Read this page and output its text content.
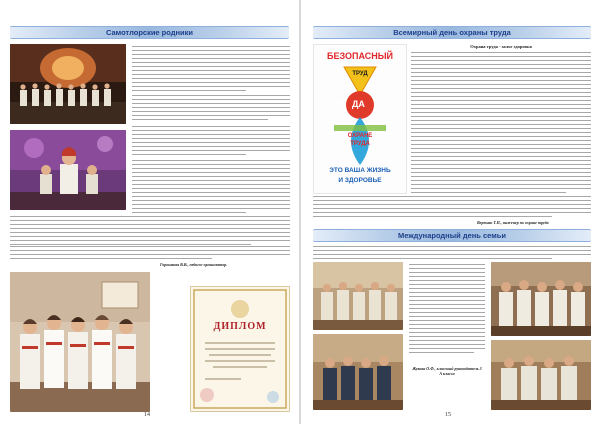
Самотлорские родники
Горошкова В.В., педагог-организатор.
ДИПЛОМ
14
Всемирный день охраны труда
БЕЗОПАСНЫЙ
ТРУД
СКАЖИ ДА
ОХРАНЕ
ТРУДА
ЭТО ВАША ЖИЗНЬ
И ЗДОРОВЬЕ
Охрана труда - залог здоровья
Верешко Т.П., инженер по охране труда
Международный день семьи
Жукова О.Ф., классный руководитель 3 А класса
15
